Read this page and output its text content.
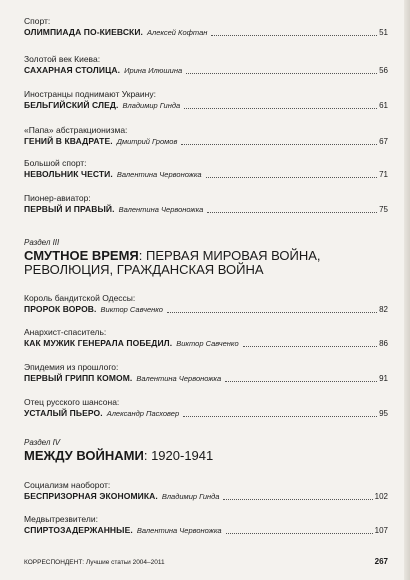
Спорт:
ОЛИМПИАДА ПО-КИЕВСКИ. Алексей Кофтан	51
Золотой век Киева:
САХАРНАЯ СТОЛИЦА. Ирина Илюшина	56
Иностранцы поднимают Украину:
БЕЛЬГИЙСКИЙ СЛЕД. Владимир Гинда	61
«Папа» абстракционизма:
ГЕНИЙ В КВАДРАТЕ. Дмитрий Громов	67
Большой спорт:
НЕВОЛЬНИК ЧЕСТИ. Валентина Червоножка	71
Пионер-авиатор:
ПЕРВЫЙ И ПРАВЫЙ. Валентина Червоножка	75
Раздел III
СМУТНОЕ ВРЕМЯ: ПЕРВАЯ МИРОВАЯ ВОЙНА,
РЕВОЛЮЦИЯ, ГРАЖДАНСКАЯ ВОЙНА
Король бандитской Одессы:
ПРОРОК ВОРОВ. Виктор Савченко	82
Анархист-спаситель:
КАК МУЖИК ГЕНЕРАЛА ПОБЕДИЛ. Виктор Савченко	86
Эпидемия из прошлого:
ПЕРВЫЙ ГРИПП КОМОМ. Валентина Червоножка	91
Отец русского шансона:
УСТАЛЫЙ ПЬЕРО. Александр Пасховер	95
Раздел IV
МЕЖДУ ВОЙНАМИ: 1920-1941
Социализм наоборот:
БЕСПРИЗОРНАЯ ЭКОНОМИКА. Владимир Гинда	102
Медвытрезвители:
СПИРТОЗАДЕРЖАННЫЕ. Валентина Червоножка	107
КОРРЕСПОНДЕНТ: Лучшие статьи 2004–2011	267
